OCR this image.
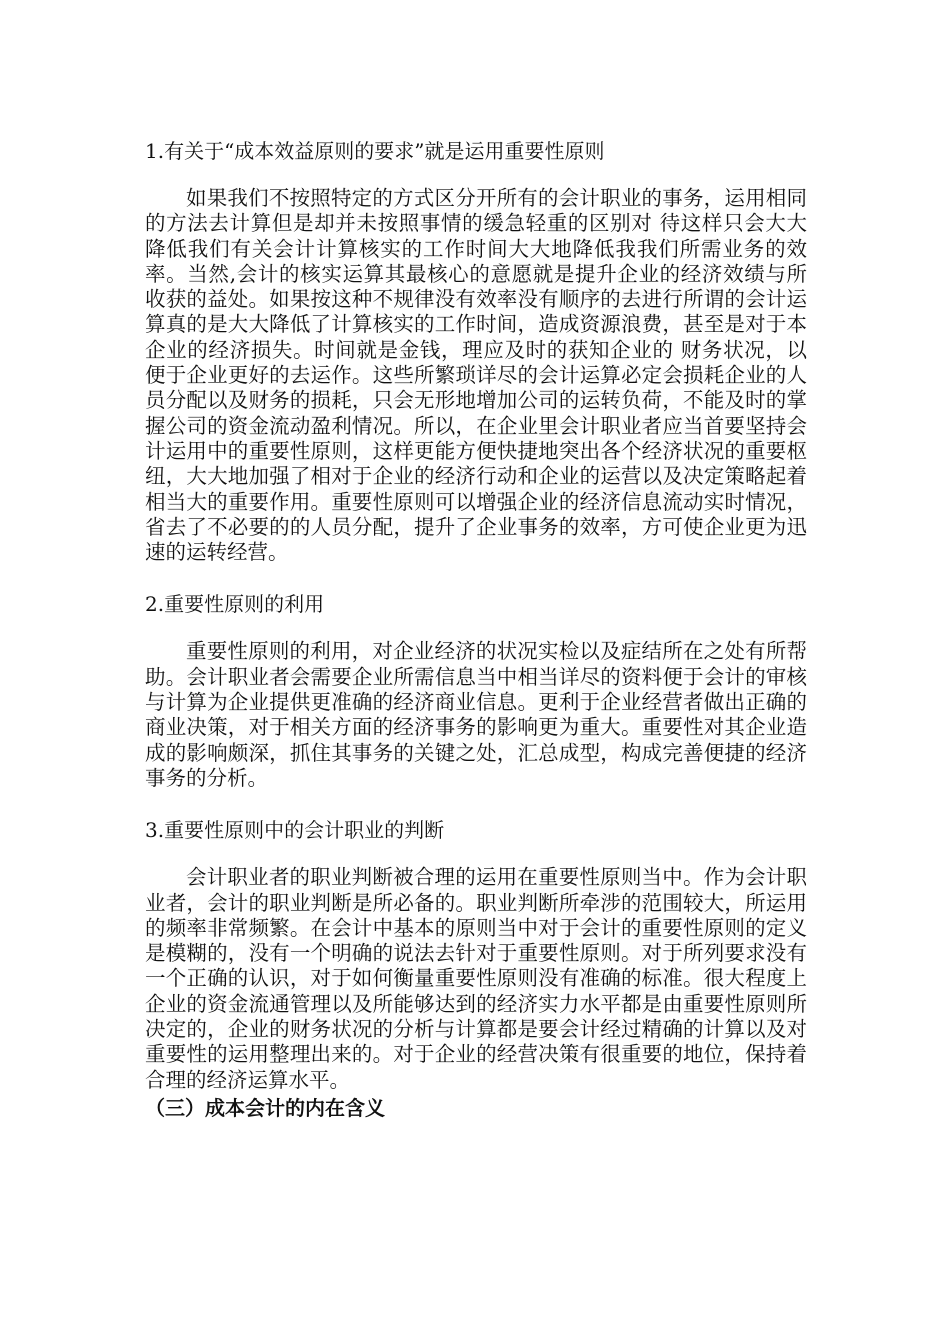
1.有关于“成本效益原则的要求”就是运用重要性原则

如果我们不按照特定的方式区分开所有的会计职业的事务，运用相同的方法去计算但是却并未按照事情的缓急轻重的区别对 待这样只会大大降低我们有关会计计算核实的工作时间大大地降低我我们所需业务的效率。当然,会计的核实运算其最核心的意愿就是提升企业的经济效绩与所收获的益处。如果按这种不规律没有效率没有顺序的去进行所谓的会计运算真的是大大降低了计算核实的工作时间，造成资源浪费，甚至是对于本企业的经济损失。时间就是金钱，理应及时的获知企业的 财务状况，以便于企业更好的去运作。这些所繁琐详尽的会计运算必定会损耗企业的人员分配以及财务的损耗，只会无形地增加公司的运转负荷，不能及时的掌握公司的资金流动盈利情况。所以，在企业里会计职业者应当首要坚持会计运用中的重要性原则，这样更能方便快捷地突出各个经济状况的重要枢纽，大大地加强了相对于企业的经济行动和企业的运营以及决定策略起着相当大的重要作用。重要性原则可以增强企业的经济信息流动实时情况，省去了不必要的的人员分配，提升了企业事务的效率，方可使企业更为迅速的运转经营。

2.重要性原则的利用

重要性原则的利用，对企业经济的状况实检以及症结所在之处有所帮助。会计职业者会需要企业所需信息当中相当详尽的资料便于会计的审核与计算为企业提供更准确的经济商业信息。更利于企业经营者做出正确的商业决策，对于相关方面的经济事务的影响更为重大。重要性对其企业造成的影响颇深，抓住其事务的关键之处，汇总成型，构成完善便捷的经济事务的分析。

3.重要性原则中的会计职业的判断

会计职业者的职业判断被合理的运用在重要性原则当中。作为会计职业者，会计的职业判断是所必备的。职业判断所牵涉的范围较大，所运用的频率非常频繁。在会计中基本的原则当中对于会计的重要性原则的定义是模糊的，没有一个明确的说法去针对于重要性原则。对于所列要求没有一个正确的认识，对于如何衡量重要性原则没有准确的标准。很大程度上企业的资金流通管理以及所能够达到的经济实力水平都是由重要性原则所决定的，企业的财务状况的分析与计算都是要会计经过精确的计算以及对重要性的运用整理出来的。对于企业的经营决策有很重要的地位，保持着合理的经济运算水平。

（三）成本会计的内在含义
